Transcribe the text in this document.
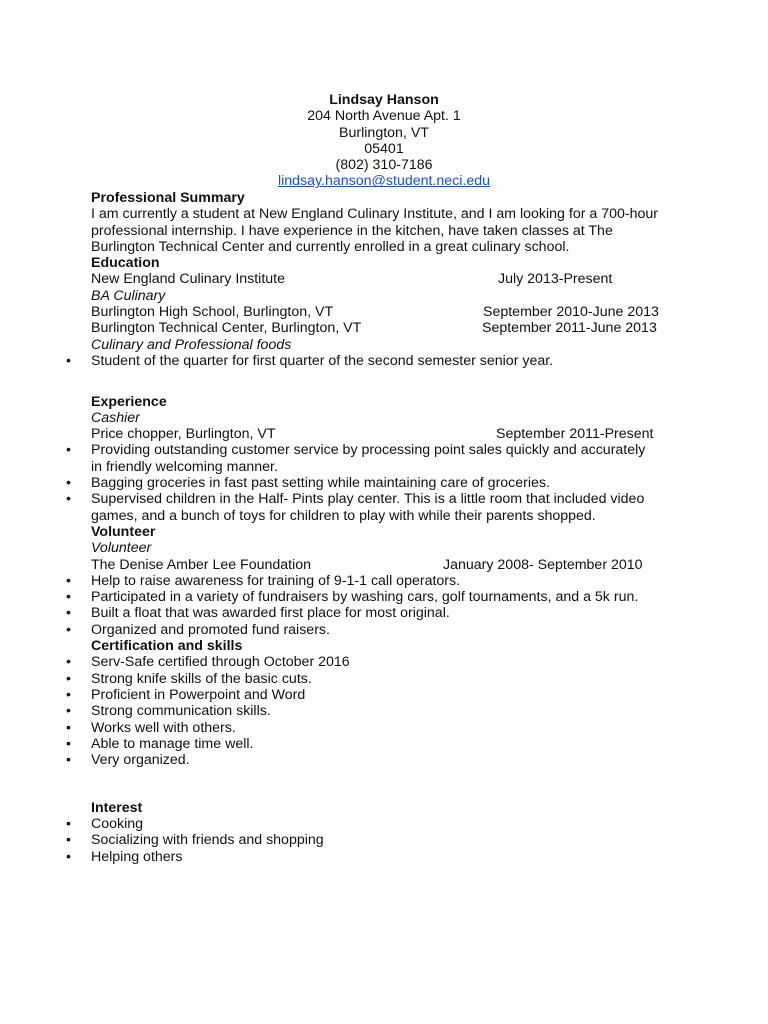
Lindsay Hanson
204 North Avenue Apt. 1
Burlington, VT
05401
(802) 310-7186
lindsay.hanson@student.neci.edu
Professional Summary

I am currently a student at New England Culinary Institute, and I am looking for a 700-hour professional internship. I have experience in the kitchen, have taken classes at The Burlington Technical Center and currently enrolled in a great culinary school.

Education
New England Culinary Institute	July 2013-Present
BA Culinary
Burlington High School, Burlington, VT	September 2010-June 2013
Burlington Technical Center, Burlington, VT	September 2011-June 2013
Culinary and Professional foods
• Student of the quarter for first quarter of the second semester senior year.
Experience
Cashier
Price chopper, Burlington, VT	September 2011-Present
• Providing outstanding customer service by processing point sales quickly and accurately in friendly welcoming manner.
• Bagging groceries in fast past setting while maintaining care of groceries.
• Supervised children in the Half- Pints play center. This is a little room that included video games, and a bunch of toys for children to play with while their parents shopped.
Volunteer
Volunteer
The Denise Amber Lee Foundation	January 2008- September 2010
• Help to raise awareness for training of 9-1-1 call operators.
• Participated in a variety of fundraisers by washing cars, golf tournaments, and a 5k run.
• Built a float that was awarded first place for most original.
• Organized and promoted fund raisers.
Certification and skills
• Serv-Safe certified through October 2016
• Strong knife skills of the basic cuts.
• Proficient in Powerpoint and Word
• Strong communication skills.
• Works well with others.
• Able to manage time well.
• Very organized.
Interest
• Cooking
• Socializing with friends and shopping
• Helping others
